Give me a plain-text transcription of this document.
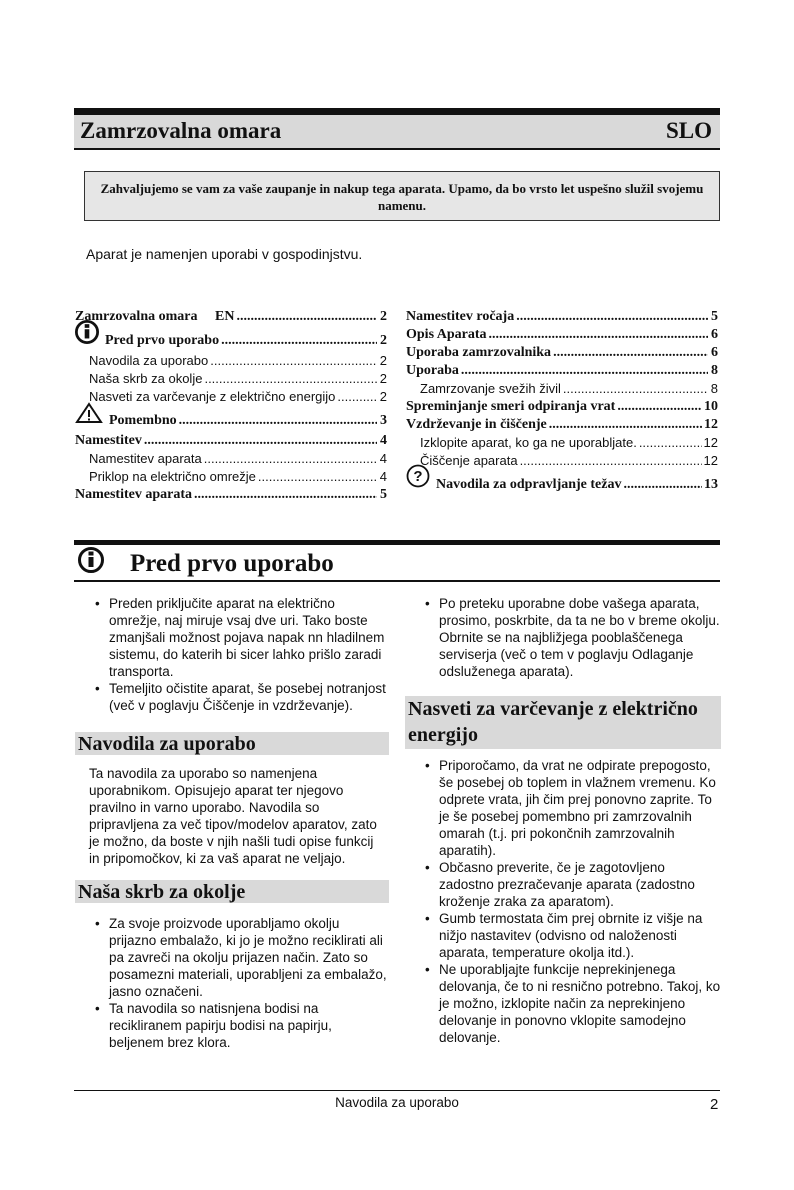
Zamrzovalna omara	SLO
Zahvaljujemo se vam za vaše zaupanje in nakup tega aparata. Upamo, da bo vrsto let uspešno služil svojemu namenu.
Aparat je namenjen uporabi v gospodinjstvu.
Zamrzovalna omara     EN .....	2
Pred prvo uporabo .....	2
Navodila za uporabo .....	2
Naša skrb za okolje .....	2
Nasveti za varčevanje z električno energijo .....	2
Pomembno .....	3
Namestitev .....	4
Namestitev aparata .....	4
Priklop na električno omrežje .....	4
Namestitev aparata .....	5
Namestitev ročaja .....	5
Opis Aparata .....	6
Uporaba zamrzovalnika .....	6
Uporaba .....	8
Zamrzovanje svežih živil .....	8
Spreminjanje smeri odpiranja vrat .....	10
Vzdrževanje in čiščenje .....	12
Izklopite aparat, ko ga ne uporabljate. .....	12
Čiščenje aparata .....	12
? Navodila za odpravljanje težav .....	13
Pred prvo uporabo
• Preden priključite aparat na električno omrežje, naj miruje vsaj dve uri. Tako boste zmanjšali možnost pojava napak nn hladilnem sistemu, do katerih bi sicer lahko prišlo zaradi transporta.
• Temeljito očistite aparat, še posebej notranjost (več v poglavju Čiščenje in vzdrževanje).
Navodila za uporabo
Ta navodila za uporabo so namenjena uporabnikom. Opisujejo aparat ter njegovo pravilno in varno uporabo. Navodila so pripravljena za več tipov/modelov aparatov, zato je možno, da boste v njih našli tudi opise funkcij in pripomočkov, ki za vaš aparat ne veljajo.
Naša skrb za okolje
• Za svoje proizvode uporabljamo okolju prijazno embalažo, ki jo je možno reciklirati ali pa zavreči na okolju prijazen način. Zato so posamezni materiali, uporabljeni za embalažo, jasno označeni.
• Ta navodila so natisnjena bodisi na recikliranem papirju bodisi na papirju, beljenem brez klora.
• Po preteku uporabne dobe vašega aparata, prosimo, poskrbite, da ta ne bo v breme okolju. Obrnite se na najbližjega pooblaščenega serviserja (več o tem v poglavju Odlaganje odsluženega aparata).
Nasveti za varčevanje z električno energijo
• Priporočamo, da vrat ne odpirate prepogosto, še posebej ob toplem in vlažnem vremenu. Ko odprete vrata, jih čim prej ponovno zaprite. To je še posebej pomembno pri zamrzovalnih omarah (t.j. pri pokončnih zamrzovalnih aparatih).
• Občasno preverite, če je zagotovljeno zadostno prezračevanje aparata (zadostno kroženje zraka za aparatom).
• Gumb termostata čim prej obrnite iz višje na nižjo nastavitev (odvisno od naloženosti aparata, temperature okolja itd.).
• Ne uporabljajte funkcije neprekinjenega delovanja, če to ni resnično potrebno. Takoj, ko je možno, izklopite način za neprekinjeno delovanje in ponovno vklopite samodejno delovanje.
Navodila za uporabo	2
